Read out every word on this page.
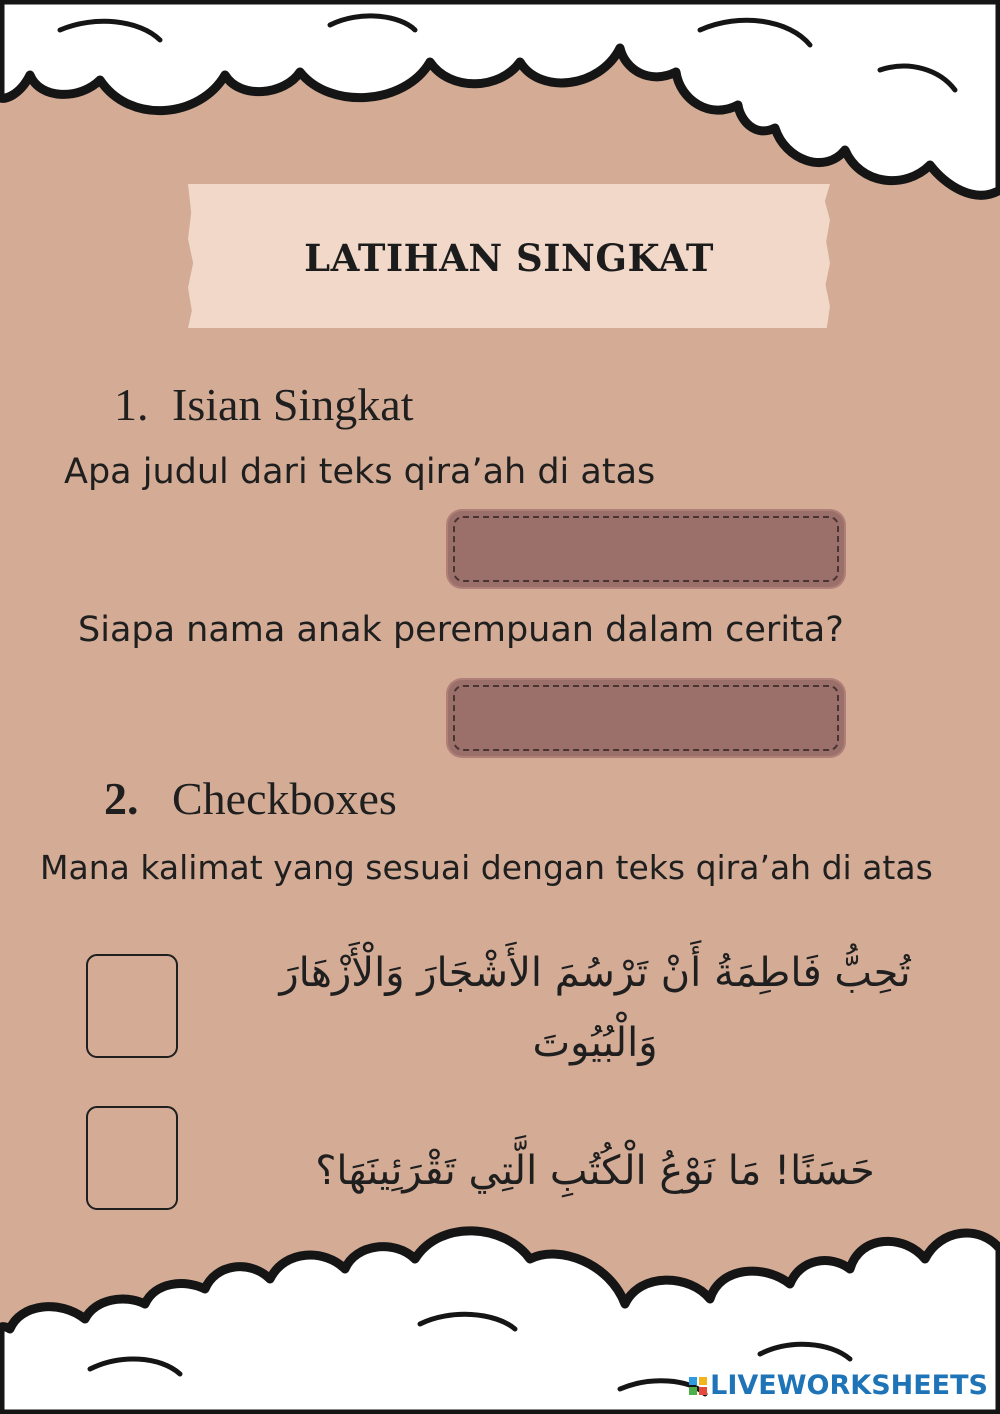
LATIHAN SINGKAT
1. Isian Singkat
Apa judul dari teks qira’ah di atas
Siapa nama anak perempuan dalam cerita?
2. Checkboxes
Mana kalimat yang sesuai dengan teks qira’ah di atas
تُحِبُّ فَاطِمَةُ أَنْ تَرْسُمَ الأَشْجَارَ وَالْأَزْهَارَ
وَالْبُيُوتَ
حَسَنًا! مَا نَوْعُ الْكُتُبِ الَّتِي تَقْرَئِينَهَا؟
LIVEWORKSHEETS
